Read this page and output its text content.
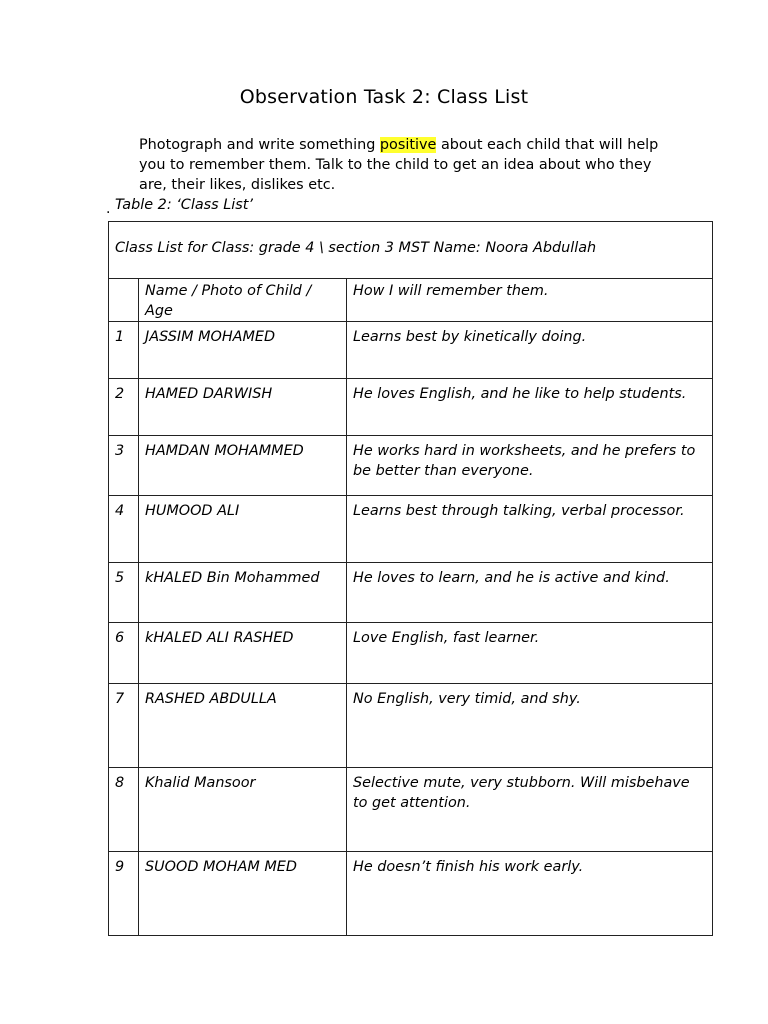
Observation Task 2: Class List
Photograph and write something positive about each child that will help you to remember them. Talk to the child to get an idea about who they are, their likes, dislikes etc.
. Table 2: ‘Class List’
Class List for Class: grade 4 \ section 3 MST Name: Noora Abdullah		
	Name / Photo of Child / Age	How I will remember them.
1	JASSIM MOHAMED	Learns best by kinetically doing.
2	HAMED DARWISH	He loves English, and he like to help students.
3	HAMDAN MOHAMMED	He works hard in worksheets, and he prefers to be better than everyone.
4	HUMOOD ALI	Learns best through talking, verbal processor.
5	kHALED Bin Mohammed	He loves to learn, and he is active and kind.
6	kHALED ALI RASHED	Love English, fast learner.
7	RASHED ABDULLA	No English, very timid, and shy.
8	Khalid Mansoor	Selective mute, very stubborn. Will misbehave to get attention.
9	SUOOD MOHAM MED	He doesn’t finish his work early.
